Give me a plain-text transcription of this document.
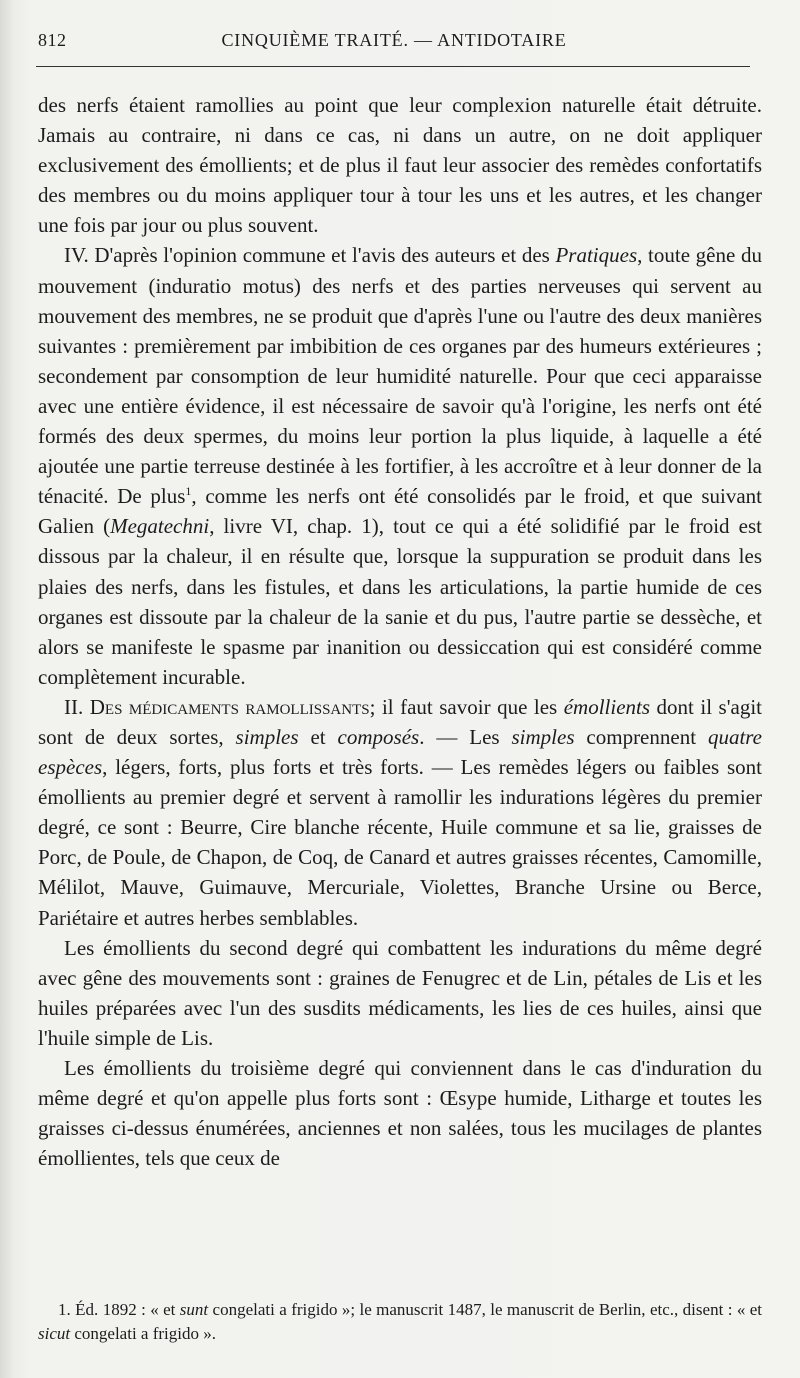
812	CINQUIÈME TRAITÉ. — ANTIDOTAIRE

des nerfs étaient ramollies au point que leur complexion naturelle était détruite. Jamais au contraire, ni dans ce cas, ni dans un autre, on ne doit appliquer exclusivement des émollients; et de plus il faut leur associer des remèdes confortatifs des membres ou du moins appliquer tour à tour les uns et les autres, et les changer une fois par jour ou plus souvent.

IV. D'après l'opinion commune et l'avis des auteurs et des Pratiques, toute gêne du mouvement (induratio motus) des nerfs et des parties nerveuses qui servent au mouvement des membres, ne se produit que d'après l'une ou l'autre des deux manières suivantes : premièrement par imbibition de ces organes par des humeurs extérieures ; secondement par consomption de leur humidité naturelle. Pour que ceci apparaisse avec une entière évidence, il est nécessaire de savoir qu'à l'origine, les nerfs ont été formés des deux spermes, du moins leur portion la plus liquide, à laquelle a été ajoutée une partie terreuse destinée à les fortifier, à les accroître et à leur donner de la ténacité. De plus$^1$, comme les nerfs ont été consolidés par le froid, et que suivant Galien (Megatechni, livre VI, chap. 1), tout ce qui a été solidifié par le froid est dissous par la chaleur, il en résulte que, lorsque la suppuration se produit dans les plaies des nerfs, dans les fistules, et dans les articulations, la partie humide de ces organes est dissoute par la chaleur de la sanie et du pus, l'autre partie se dessèche, et alors se manifeste le spasme par inanition ou dessiccation qui est considéré comme complètement incurable.

II. Des médicaments ramollissants; il faut savoir que les émollients dont il s'agit sont de deux sortes, simples et composés. — Les simples comprennent quatre espèces, légers, forts, plus forts et très forts. — Les remèdes légers ou faibles sont émollients au premier degré et servent à ramollir les indurations légères du premier degré, ce sont : Beurre, Cire blanche récente, Huile commune et sa lie, graisses de Porc, de Poule, de Chapon, de Coq, de Canard et autres graisses récentes, Camomille, Mélilot, Mauve, Guimauve, Mercuriale, Violettes, Branche Ursine ou Berce, Pariétaire et autres herbes semblables.

Les émollients du second degré qui combattent les indurations du même degré avec gêne des mouvements sont : graines de Fenugrec et de Lin, pétales de Lis et les huiles préparées avec l'un des susdits médicaments, les lies de ces huiles, ainsi que l'huile simple de Lis.

Les émollients du troisième degré qui conviennent dans le cas d'induration du même degré et qu'on appelle plus forts sont : Œsype humide, Litharge et toutes les graisses ci-dessus énumérées, anciennes et non salées, tous les mucilages de plantes émollientes, tels que ceux de

1. Éd. 1892 : « et sunt congelati a frigido »; le manuscrit 1487, le manuscrit de Berlin, etc., disent : « et sicut congelati a frigido ».
